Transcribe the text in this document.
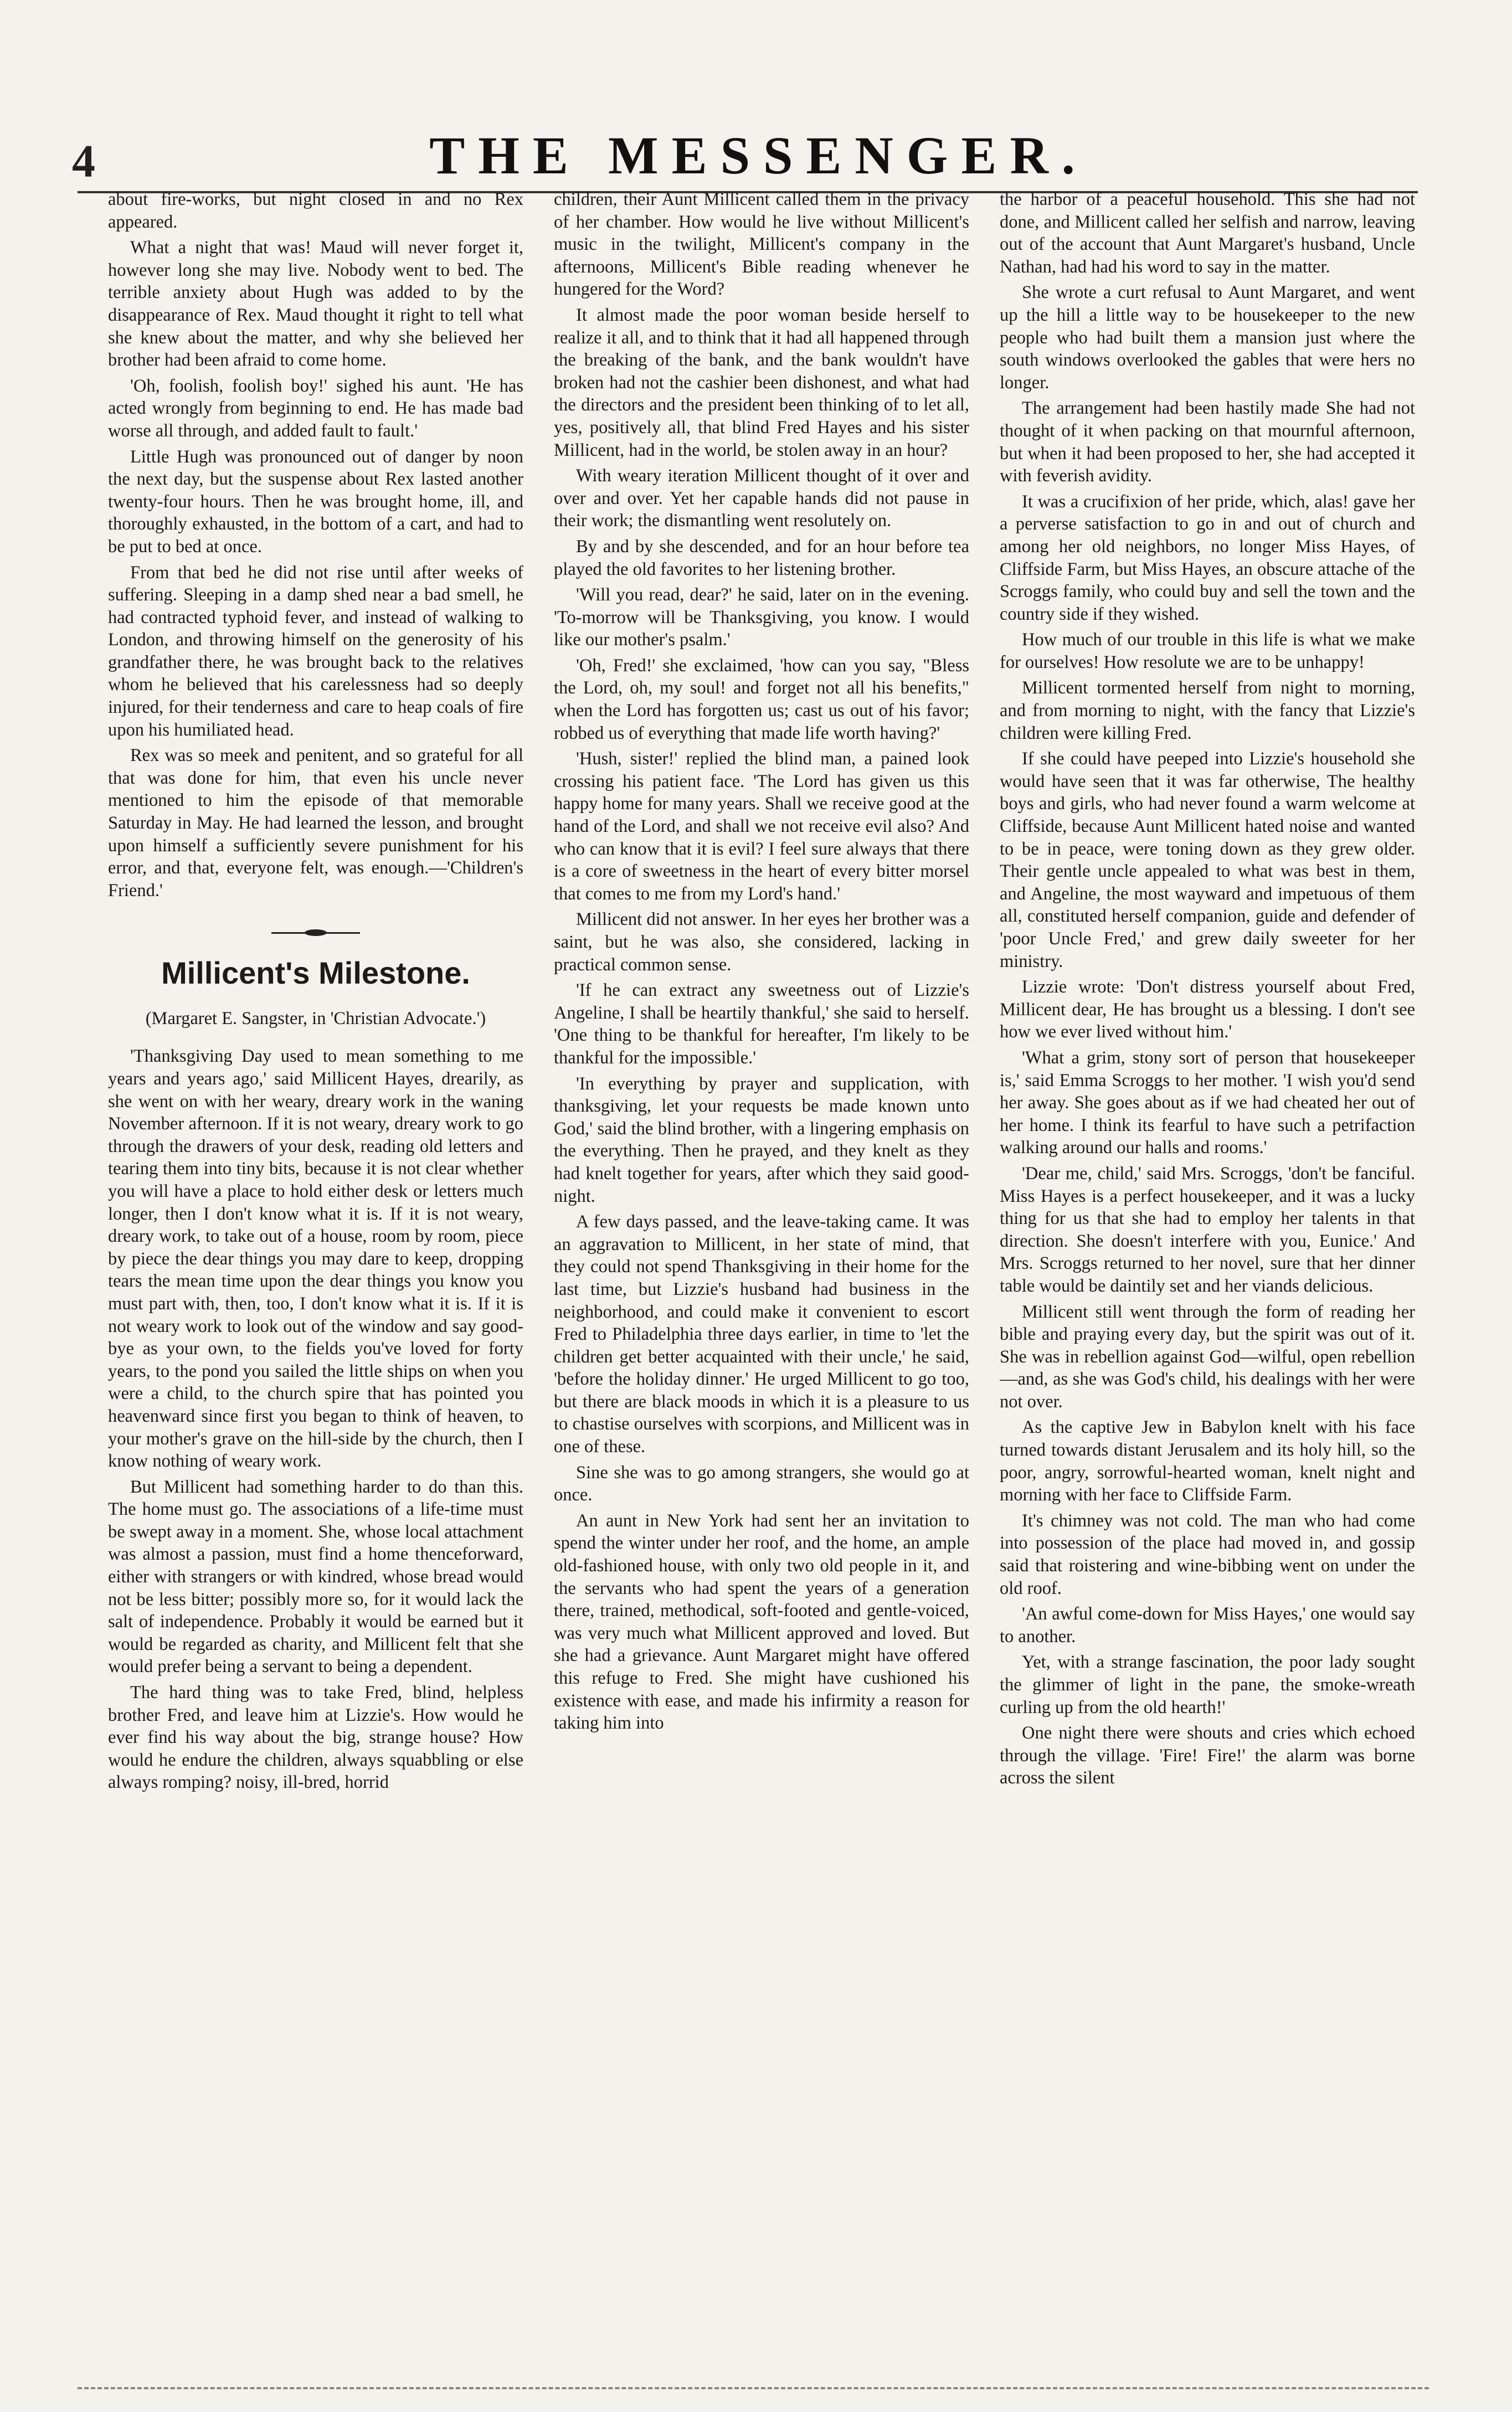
4	THE MESSENGER.

about fire-works, but night closed in and no Rex appeared.

What a night that was! Maud will never forget it, however long she may live. Nobody went to bed. The terrible anxiety about Hugh was added to by the disappearance of Rex. Maud thought it right to tell what she knew about the matter, and why she believed her brother had been afraid to come home.

'Oh, foolish, foolish boy!' sighed his aunt. 'He has acted wrongly from beginning to end. He has made bad worse all through, and added fault to fault.'

Little Hugh was pronounced out of danger by noon the next day, but the suspense about Rex lasted another twenty-four hours. Then he was brought home, ill, and thoroughly exhausted, in the bottom of a cart, and had to be put to bed at once.

From that bed he did not rise until after weeks of suffering. Sleeping in a damp shed near a bad smell, he had contracted typhoid fever, and instead of walking to London, and throwing himself on the generosity of his grandfather there, he was brought back to the relatives whom he believed that his carelessness had so deeply injured, for their tenderness and care to heap coals of fire upon his humiliated head.

Rex was so meek and penitent, and so grateful for all that was done for him, that even his uncle never mentioned to him the episode of that memorable Saturday in May. He had learned the lesson, and brought upon himself a sufficiently severe punishment for his error, and that, everyone felt, was enough.—'Children's Friend.'

Millicent's Milestone.
(Margaret E. Sangster, in 'Christian Advocate.')

'Thanksgiving Day used to mean something to me years and years ago,' said Millicent Hayes, drearily, as she went on with her weary, dreary work in the waning November afternoon. If it is not weary, dreary work to go through the drawers of your desk, reading old letters and tearing them into tiny bits, because it is not clear whether you will have a place to hold either desk or letters much longer, then I don't know what it is. If it is not weary, dreary work, to take out of a house, room by room, piece by piece the dear things you may dare to keep, dropping tears the mean time upon the dear things you know you must part with, then, too, I don't know what it is. If it is not weary work to look out of the window and say good-bye as your own, to the fields you've loved for forty years, to the pond you sailed the little ships on when you were a child, to the church spire that has pointed you heavenward since first you began to think of heaven, to your mother's grave on the hill-side by the church, then I know nothing of weary work.

But Millicent had something harder to do than this. The home must go. The associations of a life-time must be swept away in a moment. She, whose local attachment was almost a passion, must find a home thenceforward, either with strangers or with kindred, whose bread would not be less bitter; possibly more so, for it would lack the salt of independence. Probably it would be earned but it would be regarded as charity, and Millicent felt that she would prefer being a servant to being a dependent.

The hard thing was to take Fred, blind, helpless brother Fred, and leave him at Lizzie's. How would he ever find his way about the big, strange house? How would he endure the children, always squabbling or else always romping? noisy, ill-bred, horrid

children, their Aunt Millicent called them in the privacy of her chamber. How would he live without Millicent's music in the twilight, Millicent's company in the afternoons, Millicent's Bible reading whenever he hungered for the Word?

It almost made the poor woman beside herself to realize it all, and to think that it had all happened through the breaking of the bank, and the bank wouldn't have broken had not the cashier been dishonest, and what had the directors and the president been thinking of to let all, yes, positively all, that blind Fred Hayes and his sister Millicent, had in the world, be stolen away in an hour?

With weary iteration Millicent thought of it over and over and over. Yet her capable hands did not pause in their work; the dismantling went resolutely on.

By and by she descended, and for an hour before tea played the old favorites to her listening brother.

'Will you read, dear?' he said, later on in the evening. 'To-morrow will be Thanksgiving, you know. I would like our mother's psalm.'

'Oh, Fred!' she exclaimed, 'how can you say, "Bless the Lord, oh, my soul! and forget not all his benefits," when the Lord has forgotten us; cast us out of his favor; robbed us of everything that made life worth having?'

'Hush, sister!' replied the blind man, a pained look crossing his patient face. 'The Lord has given us this happy home for many years. Shall we receive good at the hand of the Lord, and shall we not receive evil also? And who can know that it is evil? I feel sure always that there is a core of sweetness in the heart of every bitter morsel that comes to me from my Lord's hand.'

Millicent did not answer. In her eyes her brother was a saint, but he was also, she considered, lacking in practical common sense.

'If he can extract any sweetness out of Lizzie's Angeline, I shall be heartily thankful,' she said to herself. 'One thing to be thankful for hereafter, I'm likely to be thankful for the impossible.'

'In everything by prayer and supplication, with thanksgiving, let your requests be made known unto God,' said the blind brother, with a lingering emphasis on the everything. Then he prayed, and they knelt as they had knelt together for years, after which they said good-night.

A few days passed, and the leave-taking came. It was an aggravation to Millicent, in her state of mind, that they could not spend Thanksgiving in their home for the last time, but Lizzie's husband had business in the neighborhood, and could make it convenient to escort Fred to Philadelphia three days earlier, in time to 'let the children get better acquainted with their uncle,' he said, 'before the holiday dinner.' He urged Millicent to go too, but there are black moods in which it is a pleasure to us to chastise ourselves with scorpions, and Millicent was in one of these.

Sine she was to go among strangers, she would go at once.

An aunt in New York had sent her an invitation to spend the winter under her roof, and the home, an ample old-fashioned house, with only two old people in it, and the servants who had spent the years of a generation there, trained, methodical, soft-footed and gentle-voiced, was very much what Millicent approved and loved. But she had a grievance. Aunt Margaret might have offered this refuge to Fred. She might have cushioned his existence with ease, and made his infirmity a reason for taking him into

the harbor of a peaceful household. This she had not done, and Millicent called her selfish and narrow, leaving out of the account that Aunt Margaret's husband, Uncle Nathan, had had his word to say in the matter.

She wrote a curt refusal to Aunt Margaret, and went up the hill a little way to be housekeeper to the new people who had built them a mansion just where the south windows overlooked the gables that were hers no longer.

The arrangement had been hastily made She had not thought of it when packing on that mournful afternoon, but when it had been proposed to her, she had accepted it with feverish avidity.

It was a crucifixion of her pride, which, alas! gave her a perverse satisfaction to go in and out of church and among her old neighbors, no longer Miss Hayes, of Cliffside Farm, but Miss Hayes, an obscure attache of the Scroggs family, who could buy and sell the town and the country side if they wished.

How much of our trouble in this life is what we make for ourselves! How resolute we are to be unhappy!

Millicent tormented herself from night to morning, and from morning to night, with the fancy that Lizzie's children were killing Fred.

If she could have peeped into Lizzie's household she would have seen that it was far otherwise, The healthy boys and girls, who had never found a warm welcome at Cliffside, because Aunt Millicent hated noise and wanted to be in peace, were toning down as they grew older. Their gentle uncle appealed to what was best in them, and Angeline, the most wayward and impetuous of them all, constituted herself companion, guide and defender of 'poor Uncle Fred,' and grew daily sweeter for her ministry.

Lizzie wrote: 'Don't distress yourself about Fred, Millicent dear, He has brought us a blessing. I don't see how we ever lived without him.'

'What a grim, stony sort of person that housekeeper is,' said Emma Scroggs to her mother. 'I wish you'd send her away. She goes about as if we had cheated her out of her home. I think its fearful to have such a petrifaction walking around our halls and rooms.'

'Dear me, child,' said Mrs. Scroggs, 'don't be fanciful. Miss Hayes is a perfect housekeeper, and it was a lucky thing for us that she had to employ her talents in that direction. She doesn't interfere with you, Eunice.' And Mrs. Scroggs returned to her novel, sure that her dinner table would be daintily set and her viands delicious.

Millicent still went through the form of reading her bible and praying every day, but the spirit was out of it. She was in rebellion against God—wilful, open rebellion—and, as she was God's child, his dealings with her were not over.

As the captive Jew in Babylon knelt with his face turned towards distant Jerusalem and its holy hill, so the poor, angry, sorrowful-hearted woman, knelt night and morning with her face to Cliffside Farm.

It's chimney was not cold. The man who had come into possession of the place had moved in, and gossip said that roistering and wine-bibbing went on under the old roof.

'An awful come-down for Miss Hayes,' one would say to another.

Yet, with a strange fascination, the poor lady sought the glimmer of light in the pane, the smoke-wreath curling up from the old hearth!'

One night there were shouts and cries which echoed through the village. 'Fire! Fire!' the alarm was borne across the silent
